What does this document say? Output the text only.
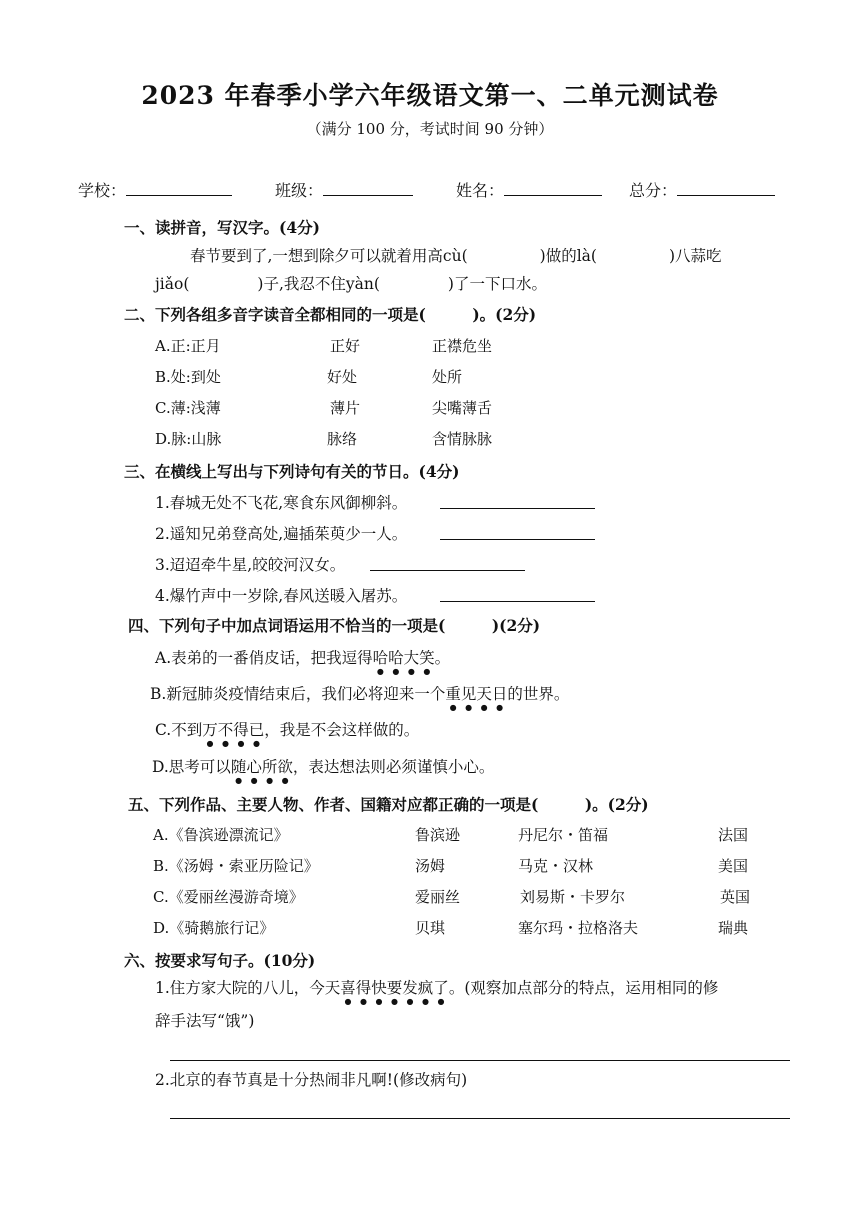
2023 年春季小学六年级语文第一、二单元测试卷
（满分 100 分，考试时间 90 分钟）
学校：	班级：	姓名：	总分：
一、读拼音，写汉字。(4分)
春节要到了,一想到除夕可以就着用高cù(	)做的là(	)八蒜吃
jiǎo(	)子,我忍不住yàn(	)了一下口水。
二、下列各组多音字读音全都相同的一项是(　　　)。(2分)
A.正:正月	正好	正襟危坐
B.处:到处	好处	处所
C.薄:浅薄	薄片	尖嘴薄舌
D.脉:山脉	脉络	含情脉脉
三、在横线上写出与下列诗句有关的节日。(4分)
1.春城无处不飞花,寒食东风御柳斜。
2.遥知兄弟登高处,遍插茱萸少一人。
3.迢迢牵牛星,皎皎河汉女。
4.爆竹声中一岁除,春风送暖入屠苏。
四、下列句子中加点词语运用不恰当的一项是(　　　)(2分)
A.表弟的一番俏皮话，把我逗得哈哈大笑。
B.新冠肺炎疫情结束后，我们必将迎来一个重见天日的世界。
C.不到万不得已，我是不会这样做的。
D.思考可以随心所欲，表达想法则必须谨慎小心。
五、下列作品、主要人物、作者、国籍对应都正确的一项是(　　　)。(2分)
A.《鲁滨逊漂流记》	鲁滨逊	丹尼尔・笛福	法国
B.《汤姆・索亚历险记》	汤姆	马克・汉林	美国
C.《爱丽丝漫游奇境》	爱丽丝	刘易斯・卡罗尔	英国
D.《骑鹅旅行记》	贝琪	塞尔玛・拉格洛夫	瑞典
六、按要求写句子。(10分)
1.住方家大院的八儿，今天喜得快要发疯了。(观察加点部分的特点，运用相同的修
辞手法写“饿”)
2.北京的春节真是十分热闹非凡啊!(修改病句)
